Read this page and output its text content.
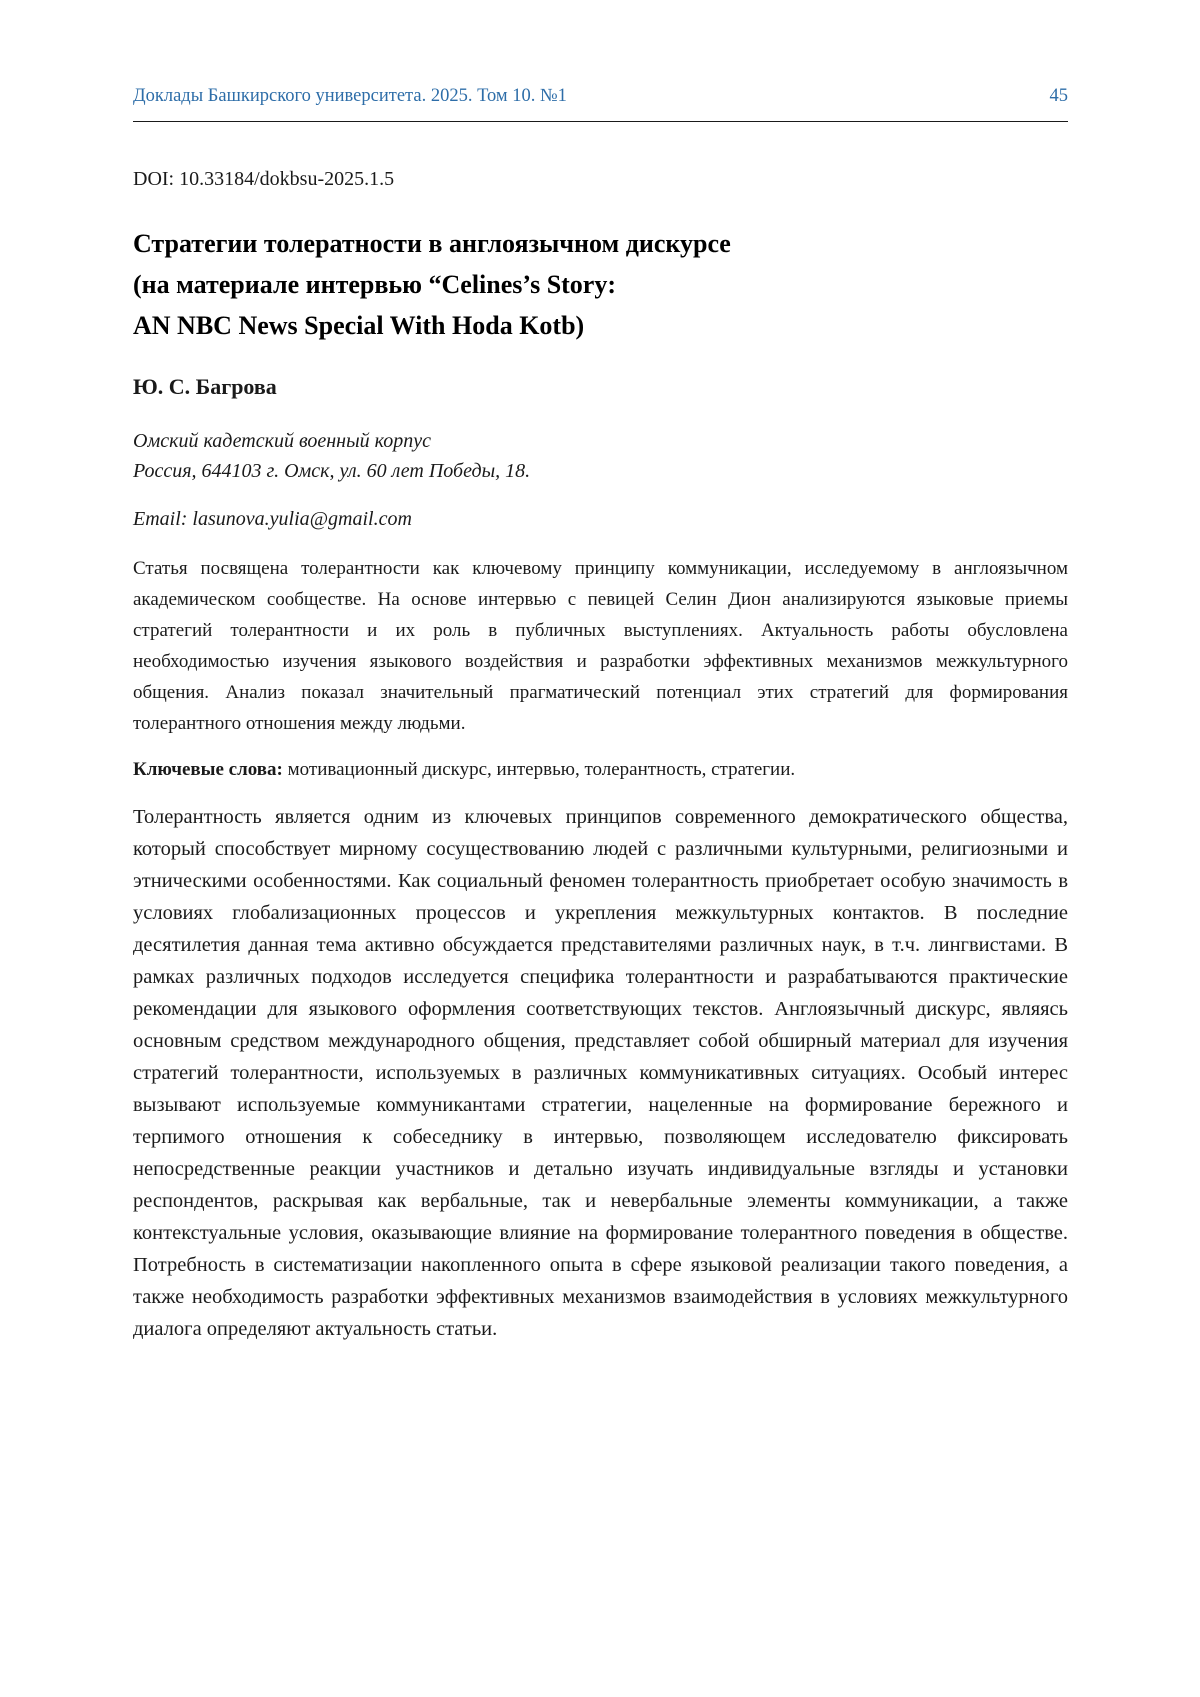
Доклады Башкирского университета. 2025. Том 10. №1	45
DOI: 10.33184/dokbsu-2025.1.5
Стратегии толератности в англоязычном дискурсе
(на материале интервью “Celines’s Story:
AN NBC News Special With Hoda Kotb)
Ю. С. Багрова
Омский кадетский военный корпус
Россия, 644103 г. Омск, ул. 60 лет Победы, 18.
Email: lasunova.yulia@gmail.com

Статья посвящена толерантности как ключевому принципу коммуникации, исследуемому в англоязычном академическом сообществе. На основе интервью с певицей Селин Дион анализируются языковые приемы стратегий толерантности и их роль в публичных выступлениях. Актуальность работы обусловлена необходимостью изучения языкового воздействия и разработки эффективных механизмов межкультурного общения. Анализ показал значительный прагматический потенциал этих стратегий для формирования толерантного отношения между людьми.

Ключевые слова: мотивационный дискурс, интервью, толерантность, стратегии.

Толерантность является одним из ключевых принципов современного демократического общества, который способствует мирному сосуществованию людей с различными культурными, религиозными и этническими особенностями. Как социальный феномен толерантность приобретает особую значимость в условиях глобализационных процессов и укрепления межкультурных контактов. В последние десятилетия данная тема активно обсуждается представителями различных наук, в т.ч. лингвистами. В рамках различных подходов исследуется специфика толерантности и разрабатываются практические рекомендации для языкового оформления соответствующих текстов. Англоязычный дискурс, являясь основным средством международного общения, представляет собой обширный материал для изучения стратегий толерантности, используемых в различных коммуникативных ситуациях. Особый интерес вызывают используемые коммуникантами стратегии, нацеленные на формирование бережного и терпимого отношения к собеседнику в интервью, позволяющем исследователю фиксировать непосредственные реакции участников и детально изучать индивидуальные взгляды и установки респондентов, раскрывая как вербальные, так и невербальные элементы коммуникации, а также контекстуальные условия, оказывающие влияние на формирование толерантного поведения в обществе. Потребность в систематизации накопленного опыта в сфере языковой реализации такого поведения, а также необходимость разработки эффективных механизмов взаимодействия в условиях межкультурного диалога определяют актуальность статьи.
